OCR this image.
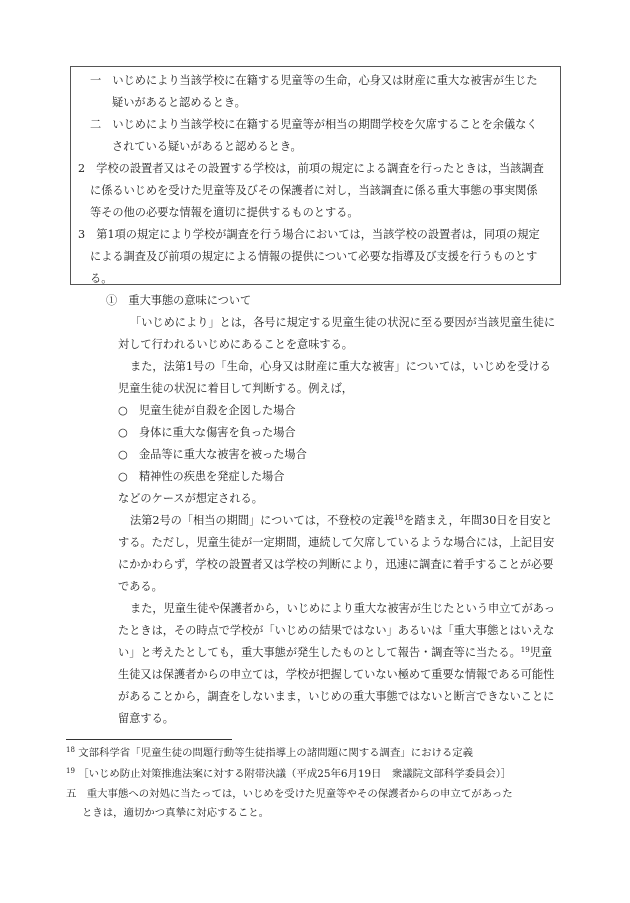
一　いじめにより当該学校に在籍する児童等の生命，心身又は財産に重大な被害が生じた
疑いがあると認めるとき。
二　いじめにより当該学校に在籍する児童等が相当の期間学校を欠席することを余儀なく
されている疑いがあると認めるとき。
2　学校の設置者又はその設置する学校は，前項の規定による調査を行ったときは，当該調査
に係るいじめを受けた児童等及びその保護者に対し，当該調査に係る重大事態の事実関係
等その他の必要な情報を適切に提供するものとする。
3　第1項の規定により学校が調査を行う場合においては，当該学校の設置者は，同項の規定
による調査及び前項の規定による情報の提供について必要な指導及び支援を行うものとす
る。
①　重大事態の意味について
「いじめにより」とは，各号に規定する児童生徒の状況に至る要因が当該児童生徒に
対して行われるいじめにあることを意味する。
また，法第1号の「生命，心身又は財産に重大な被害」については，いじめを受ける
児童生徒の状況に着目して判断する。例えば，
○　児童生徒が自殺を企図した場合
○　身体に重大な傷害を負った場合
○　金品等に重大な被害を被った場合
○　精神性の疾患を発症した場合
などのケースが想定される。
法第2号の「相当の期間」については，不登校の定義$^{18}$を踏まえ，年間30日を目安と
する。ただし，児童生徒が一定期間，連続して欠席しているような場合には，上記目安
にかかわらず，学校の設置者又は学校の判断により，迅速に調査に着手することが必要
である。
また，児童生徒や保護者から，いじめにより重大な被害が生じたという申立てがあっ
たときは，その時点で学校が「いじめの結果ではない」あるいは「重大事態とはいえな
い」と考えたとしても，重大事態が発生したものとして報告・調査等に当たる。$^{19}$児童
生徒又は保護者からの申立ては，学校が把握していない極めて重要な情報である可能性
があることから，調査をしないまま，いじめの重大事態ではないと断言できないことに
留意する。
$^{18}$ 文部科学省「児童生徒の問題行動等生徒指導上の諸問題に関する調査」における定義
$^{19}$ ［いじめ防止対策推進法案に対する附帯決議（平成25年6月19日　衆議院文部科学委員会）］
五　重大事態への対処に当たっては，いじめを受けた児童等やその保護者からの申立てがあった
ときは，適切かつ真摯に対応すること。
